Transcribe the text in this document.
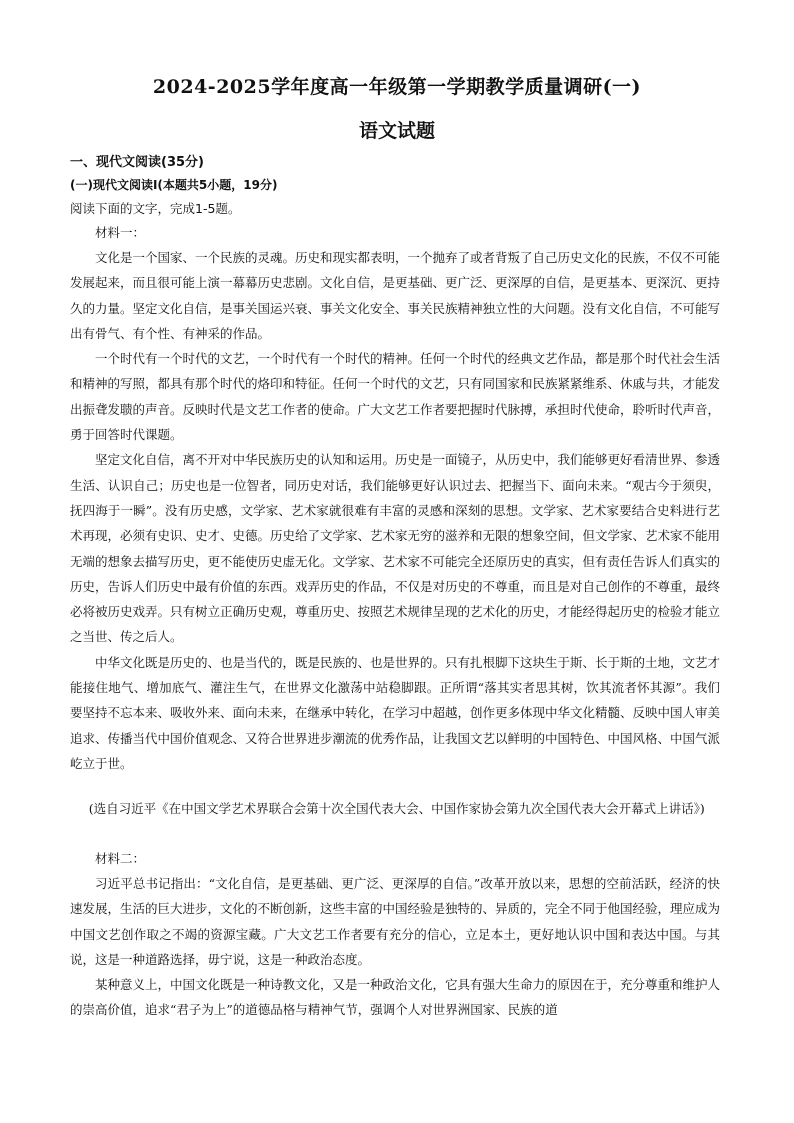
2024-2025学年度高一年级第一学期教学质量调研(一)
语文试题
一、现代文阅读(35分)
(一)现代文阅读Ⅰ(本题共5小题，19分)
阅读下面的文字，完成1-5题。

材料一：

文化是一个国家、一个民族的灵魂。历史和现实都表明，一个抛弃了或者背叛了自己历史文化的民族，不仅不可能发展起来，而且很可能上演一幕幕历史悲剧。文化自信，是更基础、更广泛、更深厚的自信，是更基本、更深沉、更持久的力量。坚定文化自信，是事关国运兴衰、事关文化安全、事关民族精神独立性的大问题。没有文化自信，不可能写出有骨气、有个性、有神采的作品。

一个时代有一个时代的文艺，一个时代有一个时代的精神。任何一个时代的经典文艺作品，都是那个时代社会生活和精神的写照，都具有那个时代的烙印和特征。任何一个时代的文艺，只有同国家和民族紧紧维系、休戚与共，才能发出振聋发聩的声音。反映时代是文艺工作者的使命。广大文艺工作者要把握时代脉搏，承担时代使命，聆听时代声音，勇于回答时代课题。

坚定文化自信，离不开对中华民族历史的认知和运用。历史是一面镜子，从历史中，我们能够更好看清世界、参透生活、认识自己；历史也是一位智者，同历史对话，我们能够更好认识过去、把握当下、面向未来。“观古今于须臾，抚四海于一瞬”。没有历史感，文学家、艺术家就很难有丰富的灵感和深刻的思想。文学家、艺术家要结合史料进行艺术再现，必须有史识、史才、史德。历史给了文学家、艺术家无穷的滋养和无限的想象空间，但文学家、艺术家不能用无端的想象去描写历史，更不能使历史虚无化。文学家、艺术家不可能完全还原历史的真实，但有责任告诉人们真实的历史，告诉人们历史中最有价值的东西。戏弄历史的作品，不仅是对历史的不尊重，而且是对自己创作的不尊重，最终必将被历史戏弄。只有树立正确历史观，尊重历史、按照艺术规律呈现的艺术化的历史，才能经得起历史的检验才能立之当世、传之后人。

中华文化既是历史的、也是当代的，既是民族的、也是世界的。只有扎根脚下这块生于斯、长于斯的土地，文艺才能接住地气、增加底气、灌注生气，在世界文化激荡中站稳脚跟。正所谓“落其实者思其树，饮其流者怀其源”。我们要坚持不忘本来、吸收外来、面向未来，在继承中转化，在学习中超越，创作更多体现中华文化精髓、反映中国人审美追求、传播当代中国价值观念、又符合世界进步潮流的优秀作品，让我国文艺以鲜明的中国特色、中国风格、中国气派屹立于世。

(选自习近平《在中国文学艺术界联合会第十次全国代表大会、中国作家协会第九次全国代表大会开幕式上讲话》)

材料二：

习近平总书记指出：“文化自信，是更基础、更广泛、更深厚的自信。”改革开放以来，思想的空前活跃，经济的快速发展，生活的巨大进步，文化的不断创新，这些丰富的中国经验是独特的、异质的，完全不同于他国经验，理应成为中国文艺创作取之不竭的资源宝藏。广大文艺工作者要有充分的信心，立足本土，更好地认识中国和表达中国。与其说，这是一种道路选择，毋宁说，这是一种政治态度。

某种意义上，中国文化既是一种诗教文化，又是一种政治文化，它具有强大生命力的原因在于，充分尊重和维护人的崇高价值，追求“君子为上”的道德品格与精神气节，强调个人对世界洲国家、民族的道
